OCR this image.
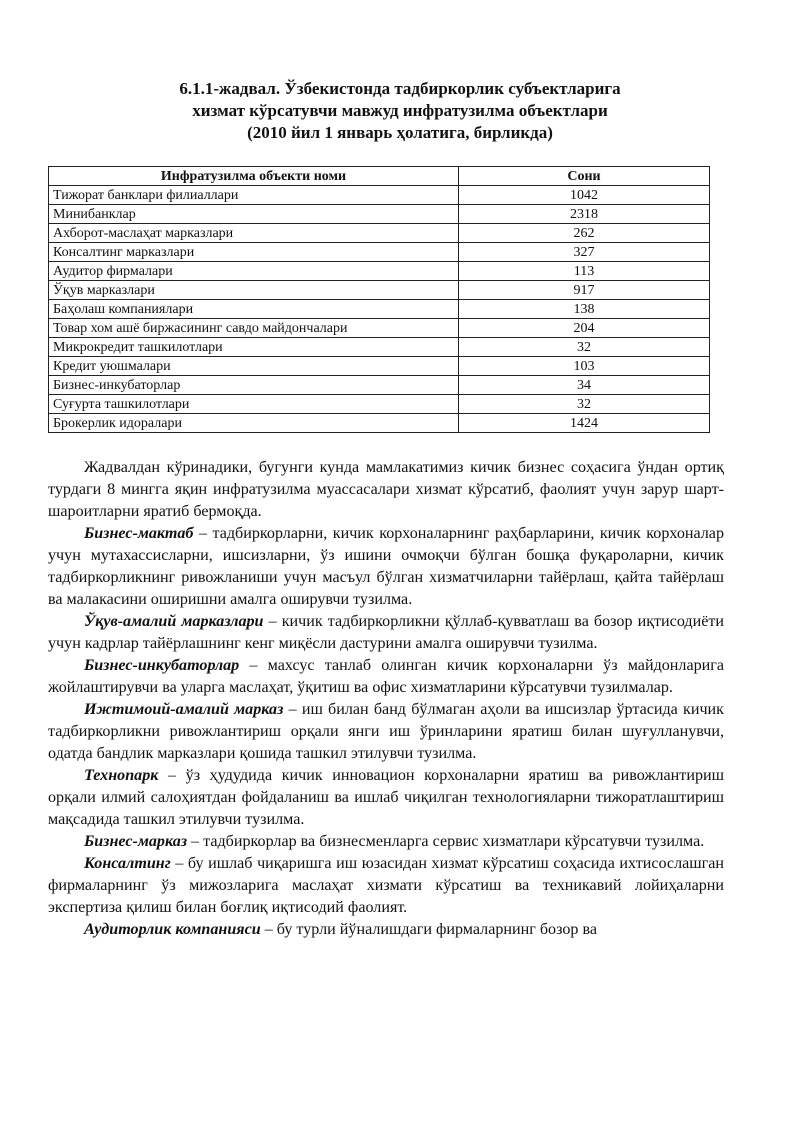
6.1.1-жадвал. Ўзбекистонда тадбиркорлик субъектларига
хизмат кўрсатувчи мавжуд инфратузилма объектлари
(2010 йил 1 январь ҳолатига, бирликда)
Инфратузилма объекти номи	Сони
Тижорат банклари филиаллари	1042
Минибанклар	2318
Ахборот-маслаҳат марказлари	262
Консалтинг марказлари	327
Аудитор фирмалари	113
Ўқув марказлари	917
Баҳолаш компаниялари	138
Товар хом ашё биржасининг савдо майдончалари	204
Микрокредит ташкилотлари	32
Кредит уюшмалари	103
Бизнес-инкубаторлар	34
Суғурта ташкилотлари	32
Брокерлик идоралари	1424

Жадвалдан кўринадики, бугунги кунда мамлакатимиз кичик бизнес соҳасига ўндан ортиқ турдаги 8 мингга яқин инфратузилма муассасалари хизмат кўрсатиб, фаолият учун зарур шарт-шароитларни яратиб бермоқда.

Бизнес-мактаб – тадбиркорларни, кичик корхоналарнинг раҳбарларини, кичик корхоналар учун мутахассисларни, ишсизларни, ўз ишини очмоқчи бўлган бошқа фуқароларни, кичик тадбиркорликнинг ривожланиши учун масъул бўлган хизматчиларни тайёрлаш, қайта тайёрлаш ва малакасини ошиpишни амалга оширувчи тузилма.

Ўқув-амалий марказлари – кичик тадбиркорликни қўллаб-қувватлаш ва бозор иқтисодиёти учун кадрлар тайёрлашнинг кенг миқёсли дастурини амалга оширувчи тузилма.

Бизнес-инкубаторлар – махсус танлаб олинган кичик корхоналарни ўз майдонларига жойлаштирувчи ва уларга маслаҳат, ўқитиш ва офис хизматларини кўрсатувчи тузилмалар.

Ижтимоий-амалий марказ – иш билан банд бўлмаган аҳоли ва ишсизлар ўртасида кичик тадбиркорликни ривожлантириш орқали янги иш ўринларини яратиш билан шуғулланувчи, одатда бандлик марказлари қошида ташкил этилувчи тузилма.

Технопарк – ўз ҳудудида кичик инновацион корхоналарни яратиш ва ривожлантириш орқали илмий салоҳиятдан фойдаланиш ва ишлаб чиқилган технологияларни тижоратлаштириш мақсадида ташкил этилувчи тузилма.

Бизнес-марказ – тадбиркорлар ва бизнесменларга сервис хизматлари кўрсатувчи тузилма.

Консалтинг – бу ишлаб чиқаришга иш юзасидан хизмат кўрсатиш соҳасида ихтисослашган фирмаларнинг ўз мижозларига маслаҳат хизмати кўрсатиш ва техникавий лойиҳаларни экспертиза қилиш билан боғлиқ иқтисодий фаолият.

Аудиторлик компанияси – бу турли йўналишдаги фирмаларнинг бозор ва
